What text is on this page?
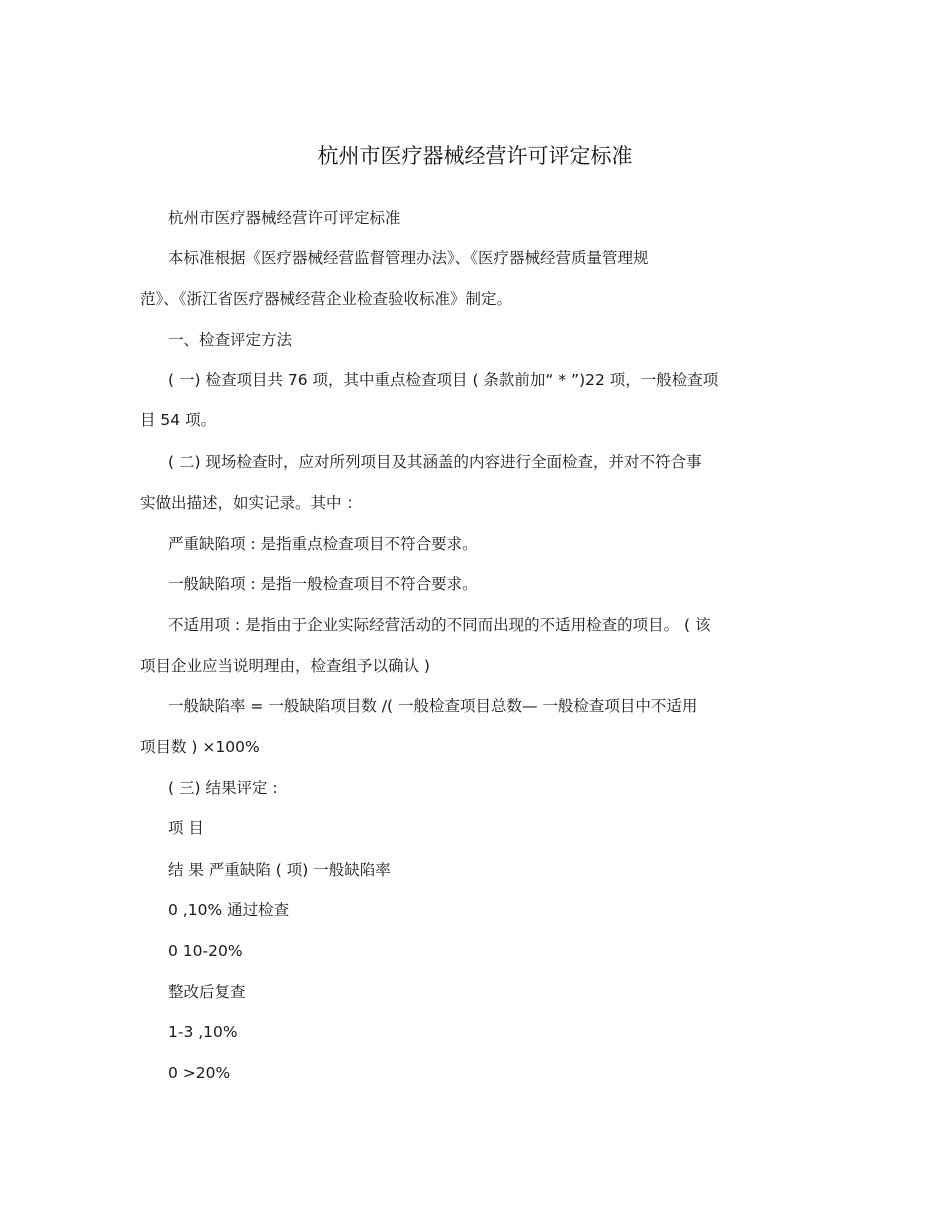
杭州市医疗器械经营许可评定标准
杭州市医疗器械经营许可评定标准
本标准根据《医疗器械经营监督管理办法》、《医疗器械经营质量管理规
范》、《浙江省医疗器械经营企业检查验收标准》制定。
一、检查评定方法
( 一) 检查项目共 76 项，其中重点检查项目 ( 条款前加“ * ”)22 项，一般检查项
目 54 项。
( 二) 现场检查时，应对所列项目及其涵盖的内容进行全面检查，并对不符合事
实做出描述，如实记录。其中 ：
严重缺陷项 : 是指重点检查项目不符合要求。
一般缺陷项 : 是指一般检查项目不符合要求。
不适用项 : 是指由于企业实际经营活动的不同而出现的不适用检查的项目。 ( 该
项目企业应当说明理由，检查组予以确认 )
一般缺陷率 = 一般缺陷项目数 /( 一般检查项目总数— 一般检查项目中不适用
项目数 ) ×100%
( 三) 结果评定 :
项 目
结 果 严重缺陷 ( 项) 一般缺陷率
0 ,10% 通过检查
0 10-20%
整改后复查
1-3 ,10%
0 >20%
